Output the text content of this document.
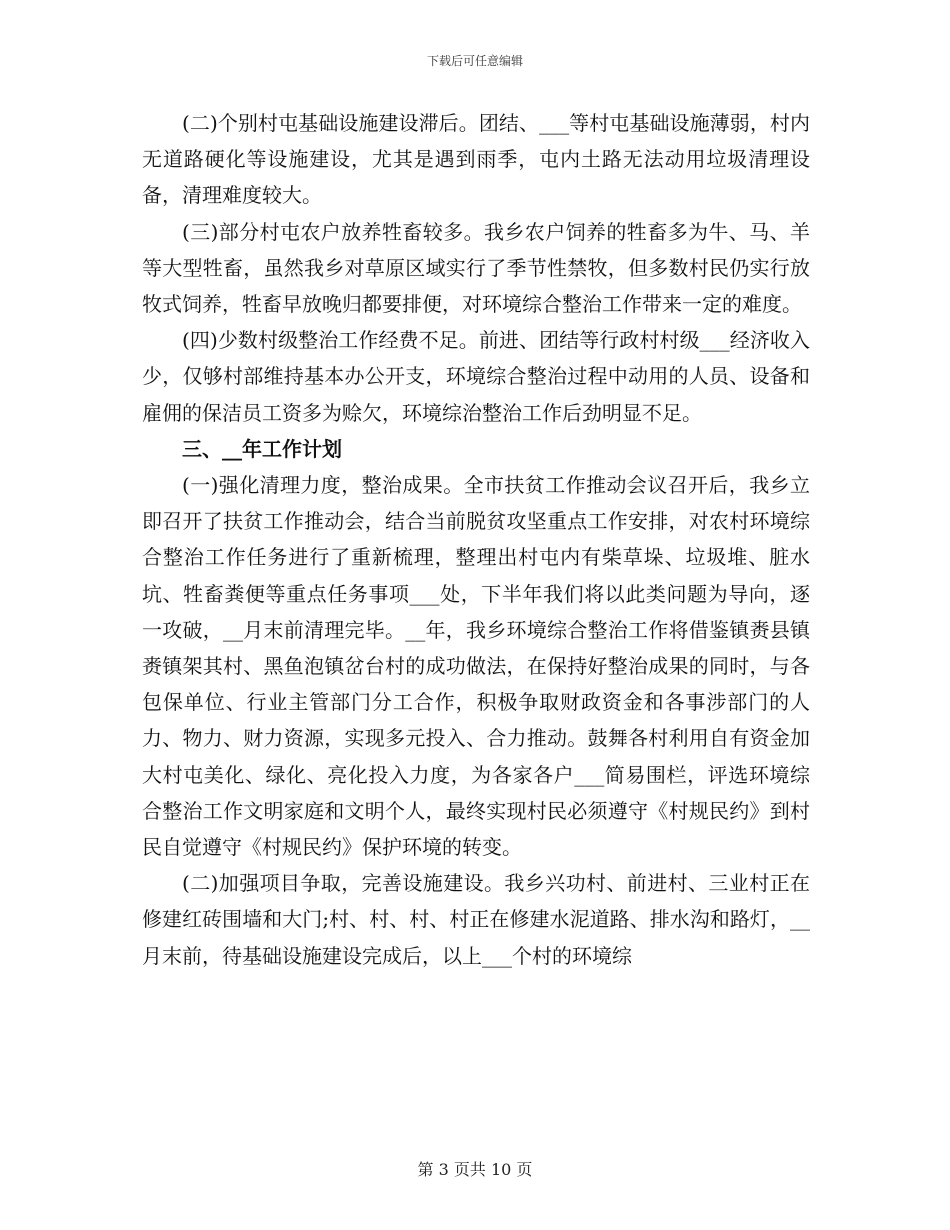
下载后可任意编辑

(二)个别村屯基础设施建设滞后。团结、___等村屯基础设施薄弱，村内无道路硬化等设施建设，尤其是遇到雨季，屯内土路无法动用垃圾清理设备，清理难度较大。

(三)部分村屯农户放养牲畜较多。我乡农户饲养的牲畜多为牛、马、羊等大型牲畜，虽然我乡对草原区域实行了季节性禁牧，但多数村民仍实行放牧式饲养，牲畜早放晚归都要排便，对环境综合整治工作带来一定的难度。

(四)少数村级整治工作经费不足。前进、团结等行政村村级___经济收入少，仅够村部维持基本办公开支，环境综合整治过程中动用的人员、设备和雇佣的保洁员工资多为赊欠，环境综治整治工作后劲明显不足。

三、__年工作计划

(一)强化清理力度，整治成果。全市扶贫工作推动会议召开后，我乡立即召开了扶贫工作推动会，结合当前脱贫攻坚重点工作安排，对农村环境综合整治工作任务进行了重新梳理，整理出村屯内有柴草垛、垃圾堆、脏水坑、牲畜粪便等重点任务事项___处，下半年我们将以此类问题为导向，逐一攻破，__月末前清理完毕。__年，我乡环境综合整治工作将借鉴镇赉县镇赉镇架其村、黑鱼泡镇岔台村的成功做法，在保持好整治成果的同时，与各包保单位、行业主管部门分工合作，积极争取财政资金和各事涉部门的人力、物力、财力资源，实现多元投入、合力推动。鼓舞各村利用自有资金加大村屯美化、绿化、亮化投入力度，为各家各户___简易围栏，评选环境综合整治工作文明家庭和文明个人，最终实现村民必须遵守《村规民约》到村民自觉遵守《村规民约》保护环境的转变。

(二)加强项目争取，完善设施建设。我乡兴功村、前进村、三业村正在修建红砖围墙和大门;村、村、村、村正在修建水泥道路、排水沟和路灯，__月末前，待基础设施建设完成后，以上___个村的环境综

第 3 页共 10 页
